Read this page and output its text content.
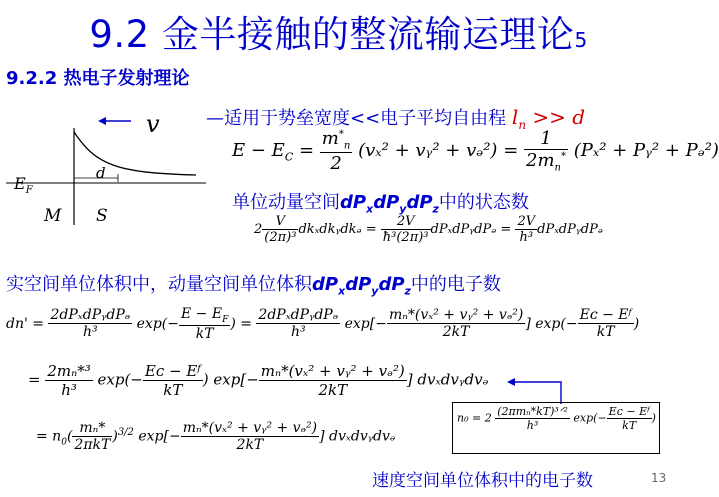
9.2 金半接触的整流输运理论5
9.2.2 热电子发射理论
—适用于势垒宽度<<电子平均自由程 $l_n >> d$
v
$E_F$
d
M S
$E - E_C = \frac{m^*_n}{2} (v_x^2$ + vᵧ² + vₔ²) = $\frac{1}{2m_n^*} (P_x^2$ + Pᵧ² + Pₔ²)
单位动量空间$dP_xdP_ydP_z$中的状态数
$2 \frac{V}{\text{(2π)³}}$ dkₓdkᵧdkₔ = $\frac{2V}{\text{ħ³(2π)³}}$ dPₓdPᵧdPₔ = $\frac{2V}{\text{h³}}$ dPₓdPᵧdPₔ
实空间单位体积中，动量空间单位体积$dP_xdP_ydP_z$中的电子数
$dn' = \frac{\text{2dPₓdPᵧdPₔ}}{\text{h³}} \exp(- \frac{E - E_F}{kT}$ ) = $\frac{\text{2dPₓdPᵧdPₔ}}{\text{h³}} \exp[- \frac{\text{mₙ*(vₓ² + vᵧ² + vₔ²)}}{2kT}$ ] $\exp(- \frac{\text{Eᴄ − Eᶠ}}{kT}$ )
= $\frac{\text{2mₙ*³}}{\text{h³}} \exp(- \frac{\text{Eᴄ − Eᶠ}}{kT}$ ) $\exp[- \frac{\text{mₙ*(vₓ² + vᵧ² + vₔ²)}}{2kT}$ ] dvₓdvᵧdvₔ
$n_0 = 2 \frac{\text{(2πmₙ*kT)³ᐟ²}}{\text{h³}} \exp(- \frac{\text{Eᴄ − Eᶠ}}{kT}$ )
= $n_0( \frac{\text{mₙ*}}{\text{2πkT}} )^{3/2}$ $\exp[- \frac{\text{mₙ*(vₓ² + vᵧ² + vₔ²)}}{2kT}$ ] dvₓdvᵧdvₔ
速度空间单位体积中的电子数	13
